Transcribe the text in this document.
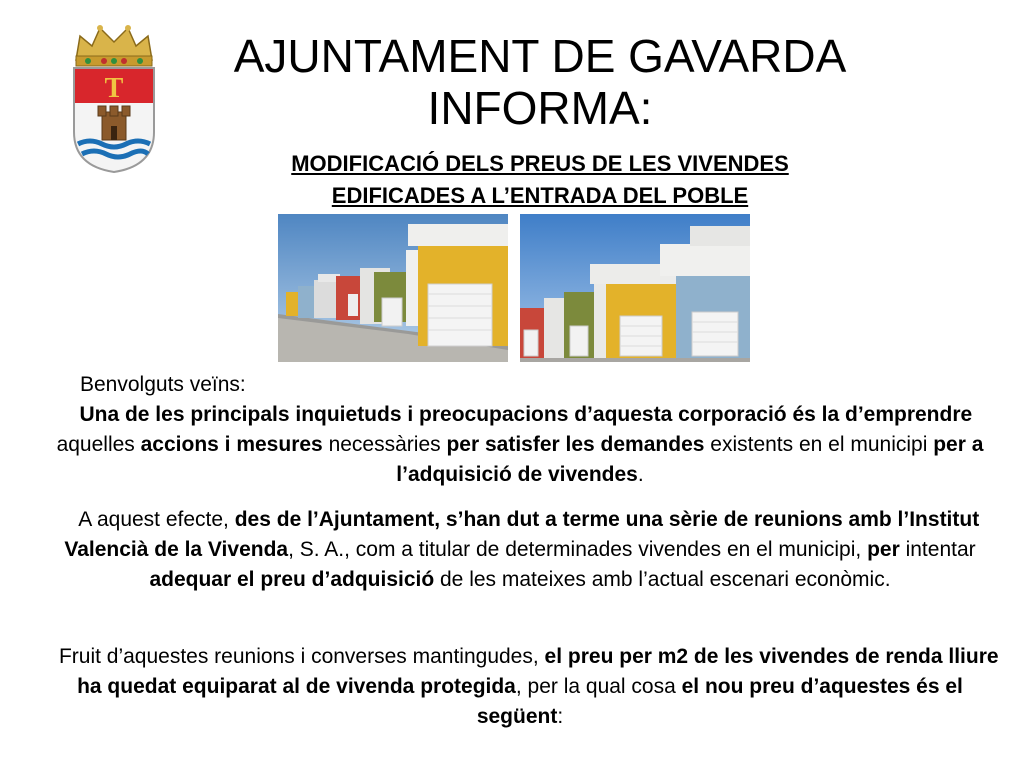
T
AJUNTAMENT DE GAVARDA
INFORMA:
MODIFICACIÓ DELS PREUS DE LES VIVENDES
EDIFICADES A L’ENTRADA DEL POBLE
Benvolguts veïns:
Una de les principals inquietuds i preocupacions d’aquesta corporació és la d’emprendre aquelles accions i mesures necessàries per satisfer les demandes existents en el municipi per a l’adquisició de vivendes.
A aquest efecte, des de l’Ajuntament, s’han dut a terme una sèrie de reunions amb l’Institut Valencià de la Vivenda, S. A., com a titular de determinades vivendes en el municipi, per intentar adequar el preu d’adquisició de les mateixes amb l’actual escenari econòmic.
Fruit d’aquestes reunions i converses mantingudes, el preu per m2 de les vivendes de renda lliure ha quedat equiparat al de vivenda protegida, per la qual cosa el nou preu d’aquestes és el següent:
